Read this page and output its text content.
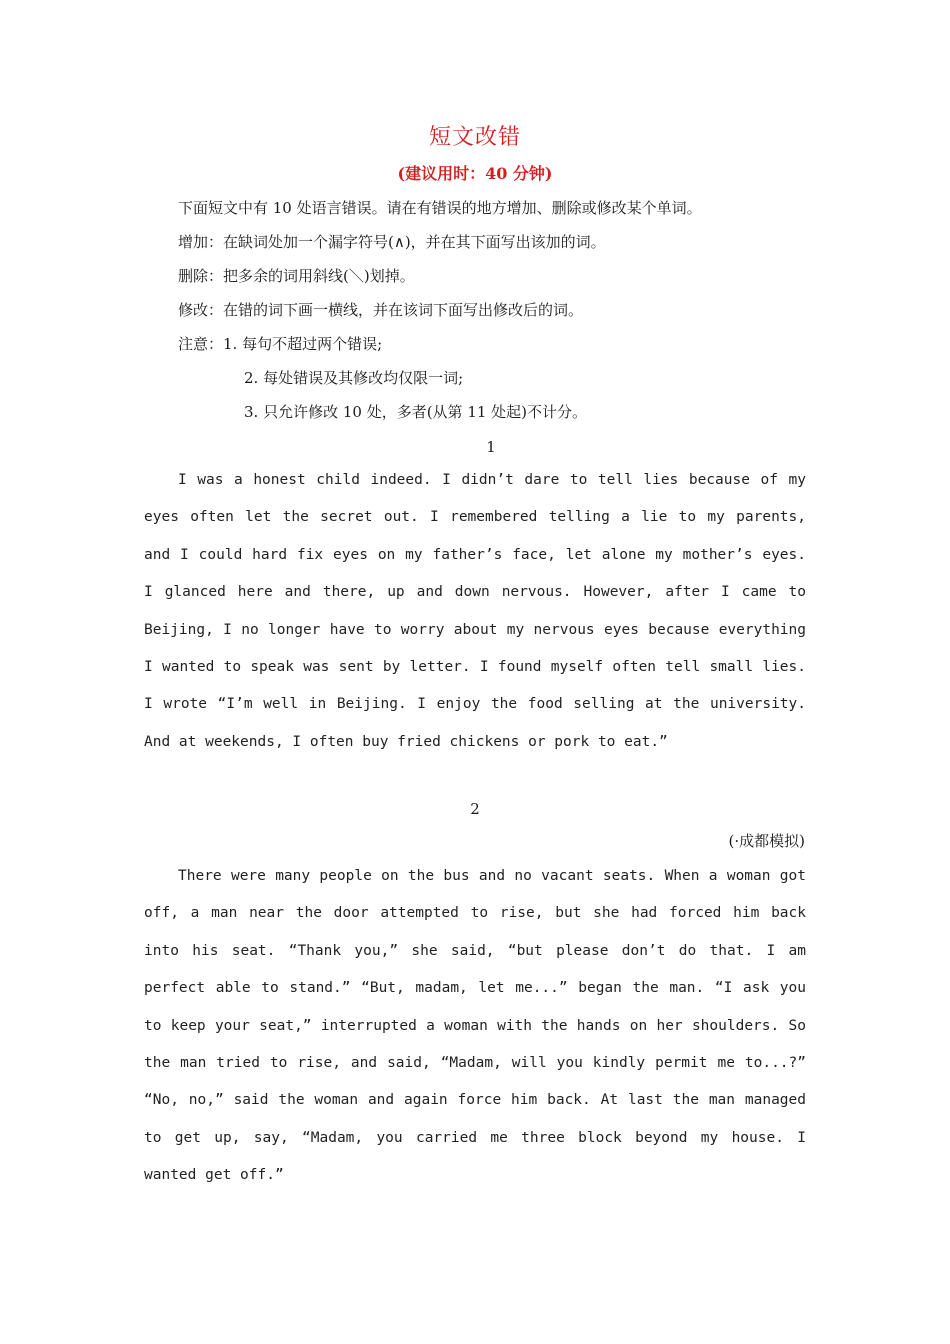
短文改错
(建议用时：40 分钟)
下面短文中有 10 处语言错误。请在有错误的地方增加、删除或修改某个单词。
增加：在缺词处加一个漏字符号(∧)，并在其下面写出该加的词。
删除：把多余的词用斜线(＼)划掉。
修改：在错的词下画一横线，并在该词下面写出修改后的词。
注意：1. 每句不超过两个错误;
2. 每处错误及其修改均仅限一词;
3. 只允许修改 10 处，多者(从第 11 处起)不计分。
1
I was a honest child indeed. I didn’t dare to tell lies because of my eyes often let the secret out. I remembered telling a lie to my parents, and I could hard fix eyes on my father’s face, let alone my mother’s eyes. I glanced here and there, up and down nervous. However, after I came to Beijing, I no longer have to worry about my nervous eyes because everything I wanted to speak was sent by letter. I found myself often tell small lies. I wrote “I’m well in Beijing. I enjoy the food selling at the university. And at weekends, I often buy fried chickens or pork to eat.”
2
(·成都模拟)
There were many people on the bus and no vacant seats. When a woman got off, a man near the door attempted to rise, but she had forced him back into his seat. “Thank you,” she said, “but please don’t do that. I am perfect able to stand.” “But, madam, let me...” began the man. “I ask you to keep your seat,” interrupted a woman with the hands on her shoulders. So the man tried to rise, and said, “Madam, will you kindly permit me to...?” “No, no,” said the woman and again force him back. At last the man managed to get up, say, “Madam, you carried me three block beyond my house. I wanted get off.”
